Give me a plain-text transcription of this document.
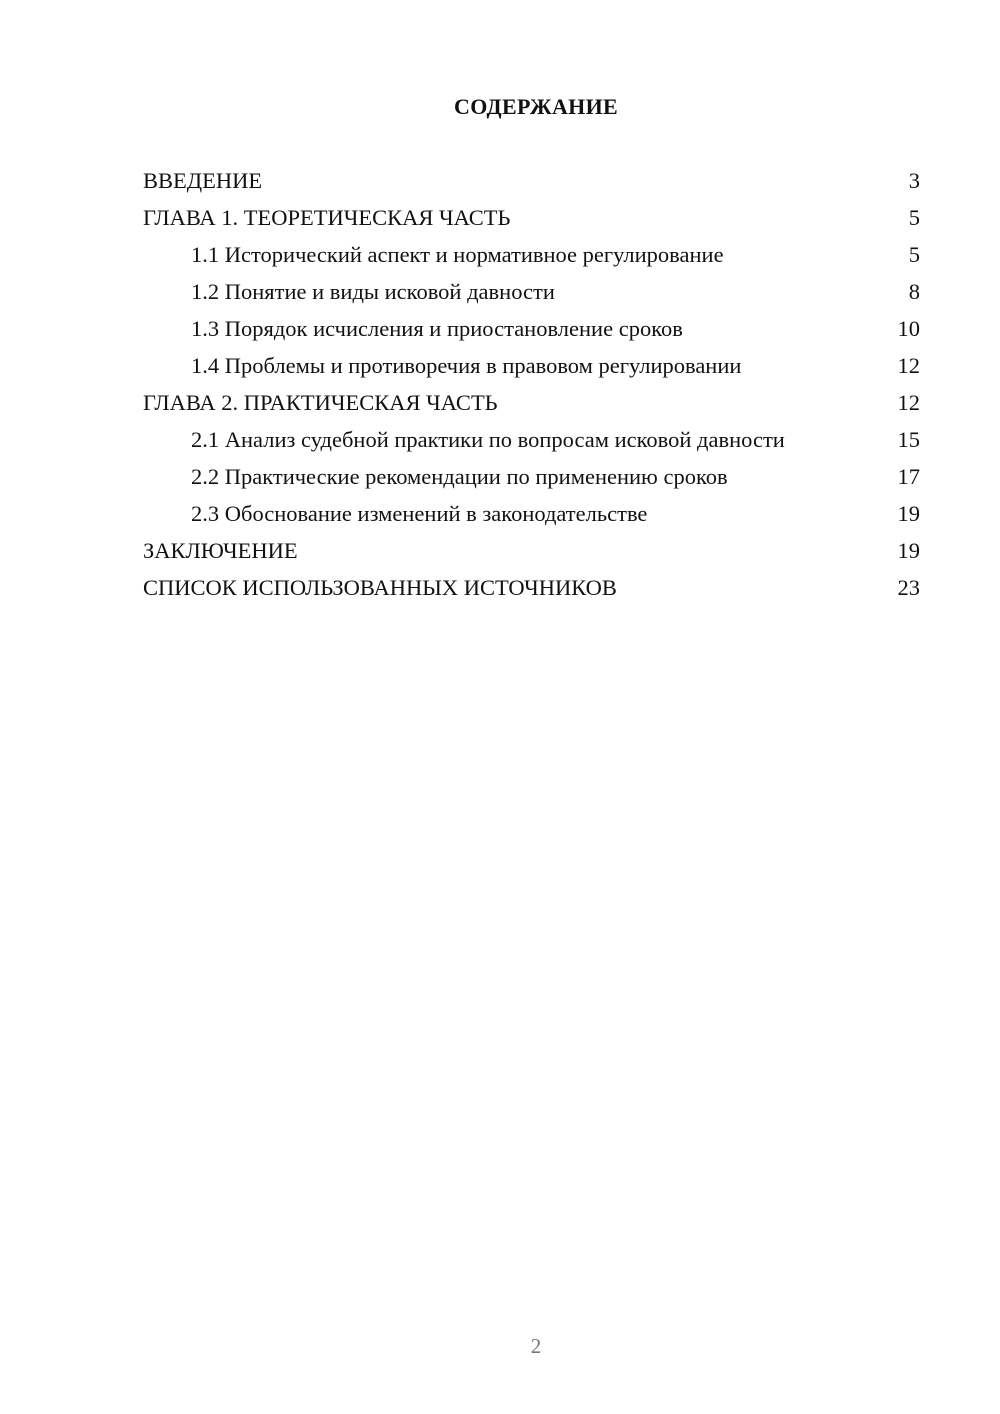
СОДЕРЖАНИЕ
ВВЕДЕНИЕ	3
ГЛАВА 1. ТЕОРЕТИЧЕСКАЯ ЧАСТЬ	5
1.1 Исторический аспект и нормативное регулирование	5
1.2 Понятие и виды исковой давности	8
1.3 Порядок исчисления и приостановление сроков	10
1.4 Проблемы и противоречия в правовом регулировании	12
ГЛАВА 2. ПРАКТИЧЕСКАЯ ЧАСТЬ	12
2.1 Анализ судебной практики по вопросам исковой давности	15
2.2 Практические рекомендации по применению сроков	17
2.3 Обоснование изменений в законодательстве	19
ЗАКЛЮЧЕНИЕ	19
СПИСОК ИСПОЛЬЗОВАННЫХ ИСТОЧНИКОВ	23
2
